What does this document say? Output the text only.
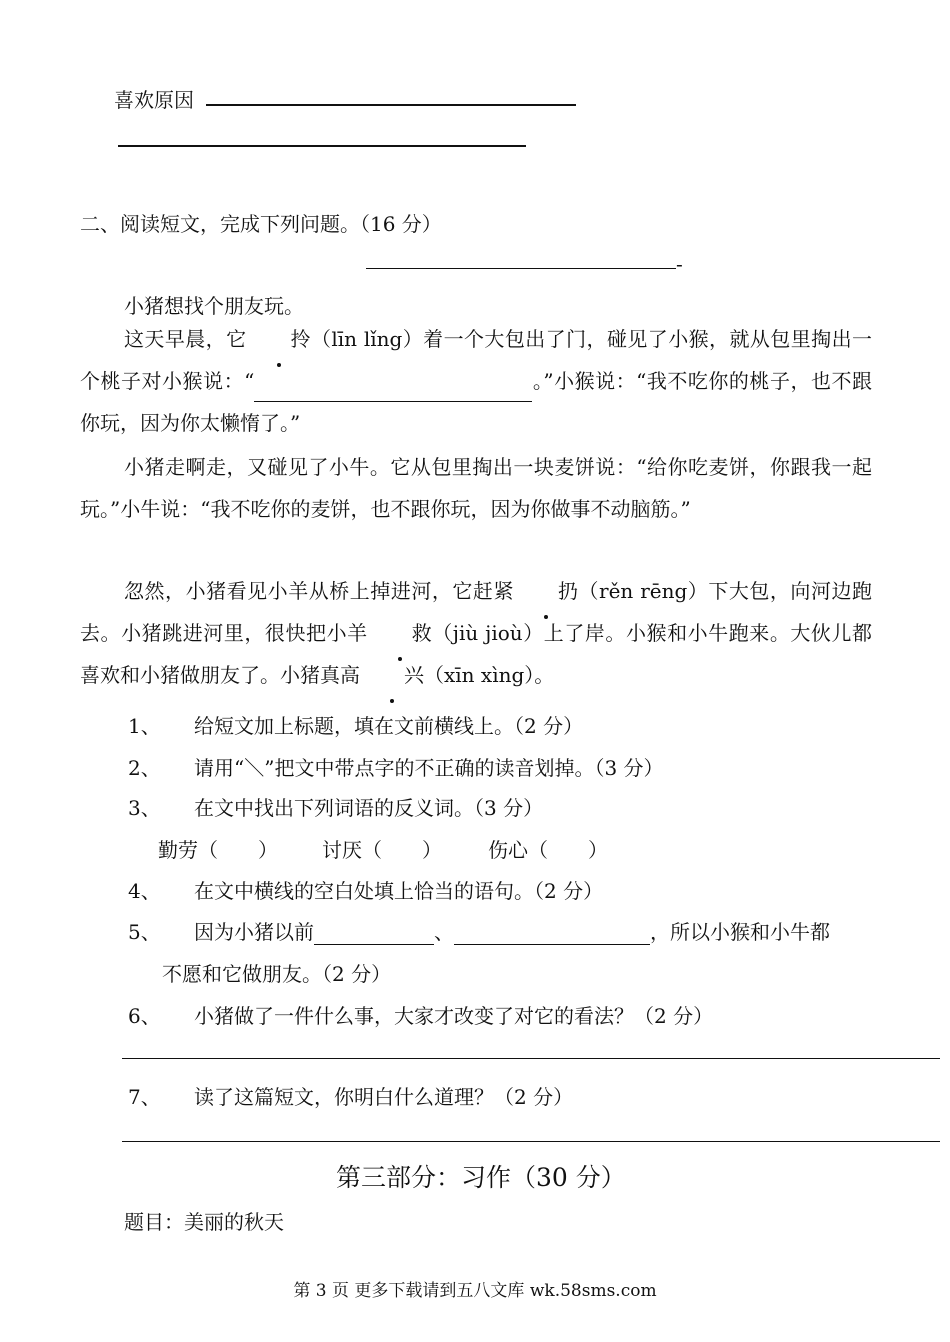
喜欢原因
二、阅读短文，完成下列问题。（16 分）
-
小猪想找个朋友玩。
这天早晨，它 拎（līn lǐng）着一个大包出了门，碰见了小猴，就从包里掏出一个桃子对小猴说：“	。”小猴说：“我不吃你的桃子，也不跟你玩，因为你太懒惰了。”
小猪走啊走，又碰见了小牛。它从包里掏出一块麦饼说：“给你吃麦饼，你跟我一起玩。”小牛说：“我不吃你的麦饼，也不跟你玩，因为你做事不动脑筋。”
忽然，小猪看见小羊从桥上掉进河，它赶紧 扔（rěn rēng）下大包，向河边跑去。小猪跳进河里，很快把小羊 救（jiù jioù）上了岸。小猴和小牛跑来。大伙儿都喜欢和小猪做朋友了。小猪真高 兴（xīn xìng）。
1、 给短文加上标题，填在文前横线上。（2 分）
2、 请用“＼”把文中带点字的不正确的读音划掉。（3 分）
3、 在文中找出下列词语的反义词。（3 分）
勤劳（　　） 讨厌（　　） 伤心（　　）
4、 在文中横线的空白处填上恰当的语句。（2 分）
5、 因为小猪以前	、	，所以小猴和小牛都
不愿和它做朋友。（2 分）
6、 小猪做了一件什么事，大家才改变了对它的看法？（2 分）
7、 读了这篇短文，你明白什么道理？（2 分）
第三部分：习作（30 分）
题目：美丽的秋天
第 3 页 更多下载请到五八文库 wk.58sms.com
